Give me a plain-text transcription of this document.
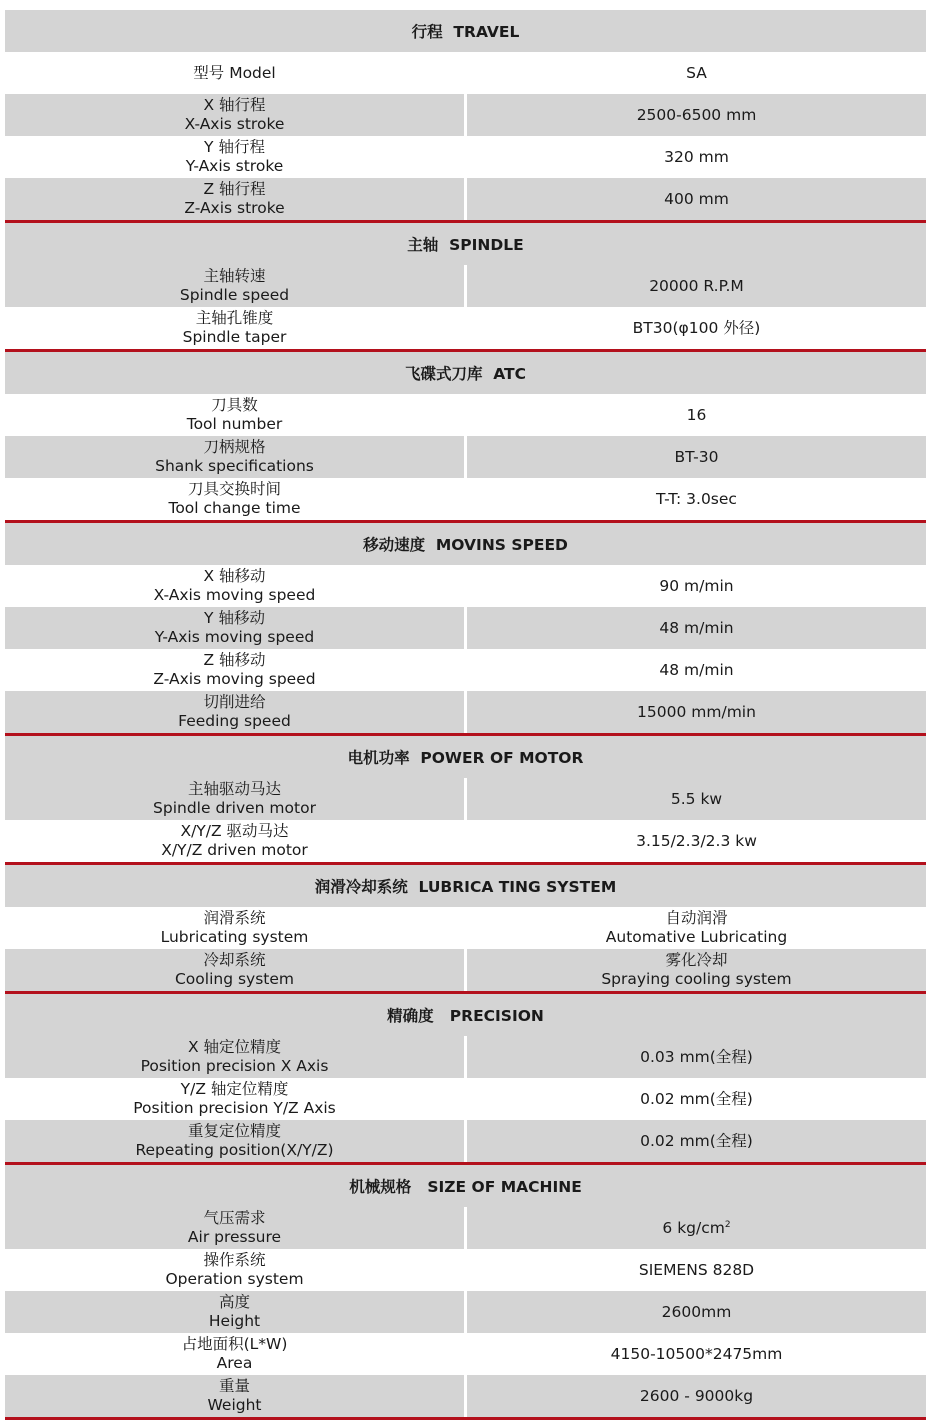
行程  TRAVEL
型号 Model	SA
X 轴行程
X-Axis stroke
2500-6500 mm
Y 轴行程
Y-Axis stroke
320 mm
Z 轴行程
Z-Axis stroke
400 mm
主轴  SPINDLE
主轴转速
Spindle speed
20000 R.P.M
主轴孔锥度
Spindle taper
BT30(φ100 外径)
飞碟式刀库  ATC
刀具数
Tool number
16
刀柄规格
Shank specifications
BT-30
刀具交换时间
Tool change time
T-T: 3.0sec
移动速度  MOVINS SPEED
X 轴移动
X-Axis moving speed
90 m/min
Y 轴移动
Y-Axis moving speed
48 m/min
Z 轴移动
Z-Axis moving speed
48 m/min
切削进给
Feeding speed
15000 mm/min
电机功率  POWER OF MOTOR
主轴驱动马达
Spindle driven motor
5.5 kw
X/Y/Z 驱动马达
X/Y/Z driven motor
3.15/2.3/2.3 kw
润滑冷却系统  LUBRICA TING SYSTEM
润滑系统
Lubricating system
自动润滑
Automative Lubricating
冷却系统
Cooling system
雾化冷却
Spraying cooling system
精确度   PRECISION
X 轴定位精度
Position precision X Axis
0.03 mm(全程)
Y/Z 轴定位精度
Position precision Y/Z Axis
0.02 mm(全程)
重复定位精度
Repeating position(X/Y/Z)
0.02 mm(全程)
机械规格   SIZE OF MACHINE
气压需求
Air pressure
6 $kg/cm^2$
操作系统
Operation system
SIEMENS 828D
高度
Height
2600mm
占地面积(L*W)
Area
4150-10500*2475mm
重量
Weight
2600 - 9000kg
